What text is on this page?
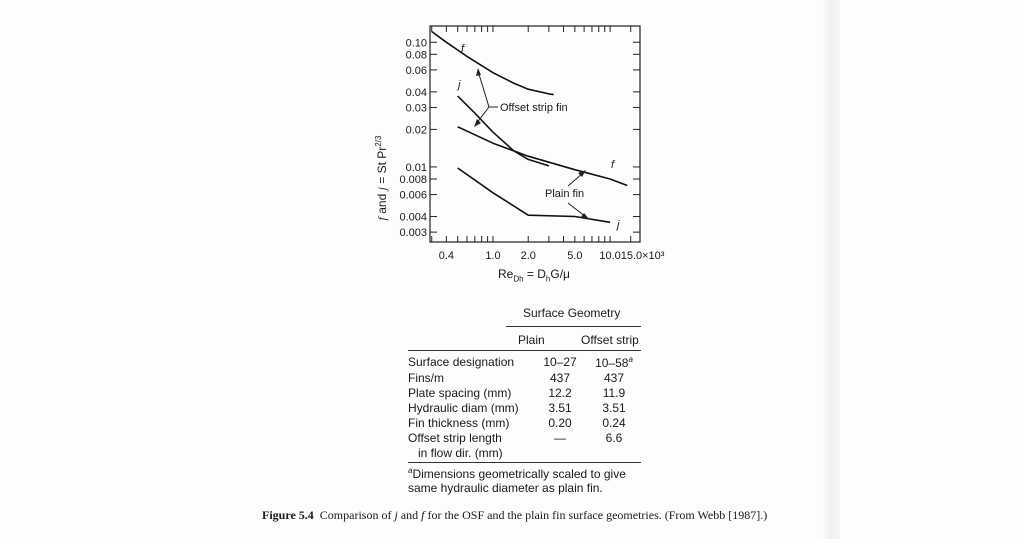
0.4	1.0 2.0	5.0 10.0 15.0×10³
0.10
0.08
0.06
0.04
0.03
0.02
0.01
0.008
0.006
0.004
0.003
f
j
f
j
Offset strip fin
Plain fin
f and j = St $Pr^{2/3}$
$Re_{Dh} = D_hG/\mu$
Surface Geometry
Plain	Offset strip
Surface designation	10–27	10–58$^a$
Fins/m	437	437
Plate spacing (mm)	12.2	11.9
Hydraulic diam (mm)	3.51	3.51
Fin thickness (mm)	0.20	0.24
Offset strip length
in flow dir. (mm)
—	6.6
$^a$Dimensions geometrically scaled to give
same hydraulic diameter as plain fin.
Figure 5.4 Comparison of j and f for the OSF and the plain fin surface geometries. (From Webb [1987].)
